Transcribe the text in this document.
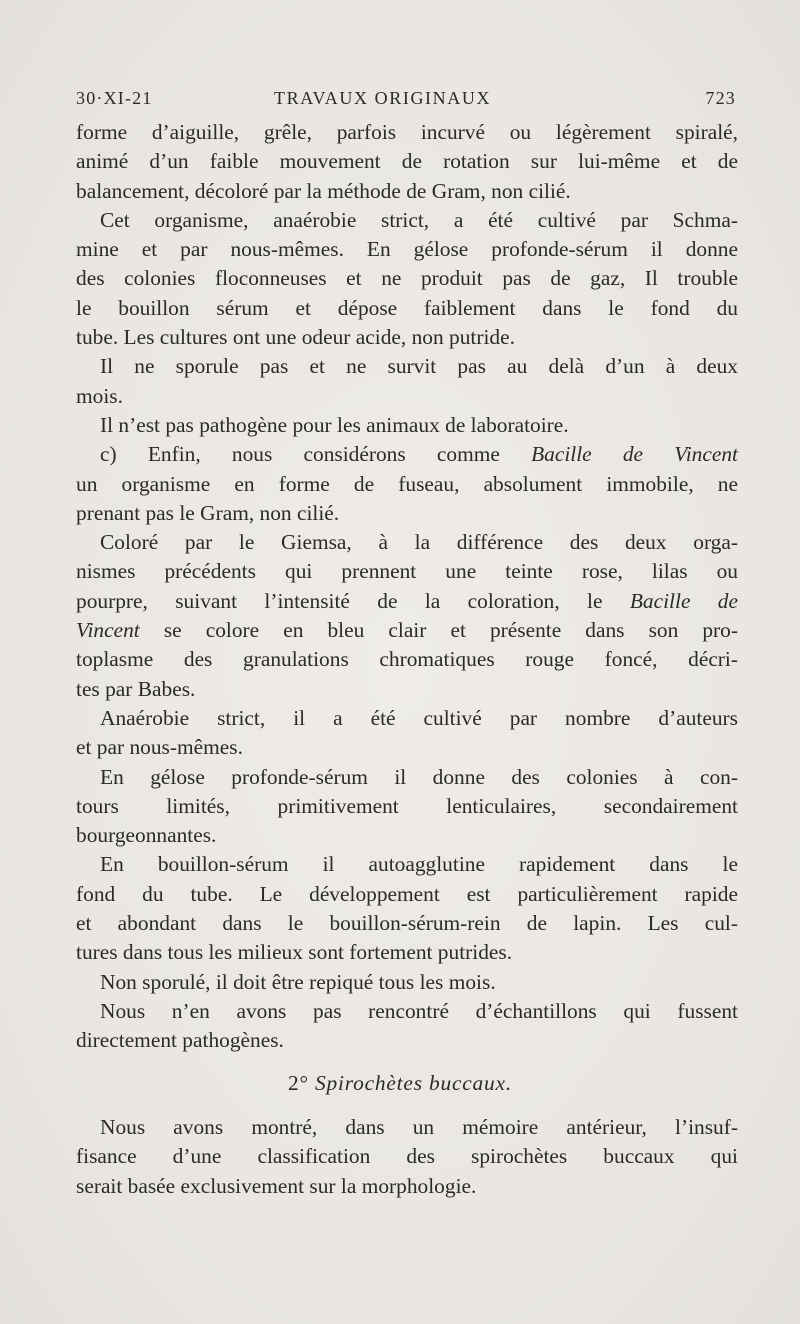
30·XI-21	TRAVAUX ORIGINAUX	723
forme d’aiguille, grêle, parfois incurvé ou légèrement spiralé,
animé d’un faible mouvement de rotation sur lui-même et de
balancement, décoloré par la méthode de Gram, non cilié.
Cet organisme, anaérobie strict, a été cultivé par Schma-
mine et par nous-mêmes. En gélose profonde-sérum il donne
des colonies floconneuses et ne produit pas de gaz, Il trouble
le bouillon sérum et dépose faiblement dans le fond du
tube. Les cultures ont une odeur acide, non putride.
Il ne sporule pas et ne survit pas au delà d’un à deux
mois.
Il n’est pas pathogène pour les animaux de laboratoire.
c) Enfin, nous considérons comme Bacille de Vincent
un organisme en forme de fuseau, absolument immobile, ne
prenant pas le Gram, non cilié.
Coloré par le Giemsa, à la différence des deux orga-
nismes précédents qui prennent une teinte rose, lilas ou
pourpre, suivant l’intensité de la coloration, le Bacille de
Vincent se colore en bleu clair et présente dans son pro-
toplasme des granulations chromatiques rouge foncé, décri-
tes par Babes.
Anaérobie strict, il a été cultivé par nombre d’auteurs
et par nous-mêmes.
En gélose profonde-sérum il donne des colonies à con-
tours limités, primitivement lenticulaires, secondairement
bourgeonnantes.
En bouillon-sérum il autoagglutine rapidement dans le
fond du tube. Le développement est particulièrement rapide
et abondant dans le bouillon-sérum-rein de lapin. Les cul-
tures dans tous les milieux sont fortement putrides.
Non sporulé, il doit être repiqué tous les mois.
Nous n’en avons pas rencontré d’échantillons qui fussent
directement pathogènes.
2° Spirochètes buccaux.
Nous avons montré, dans un mémoire antérieur, l’insuf-
fisance d’une classification des spirochètes buccaux qui
serait basée exclusivement sur la morphologie.
